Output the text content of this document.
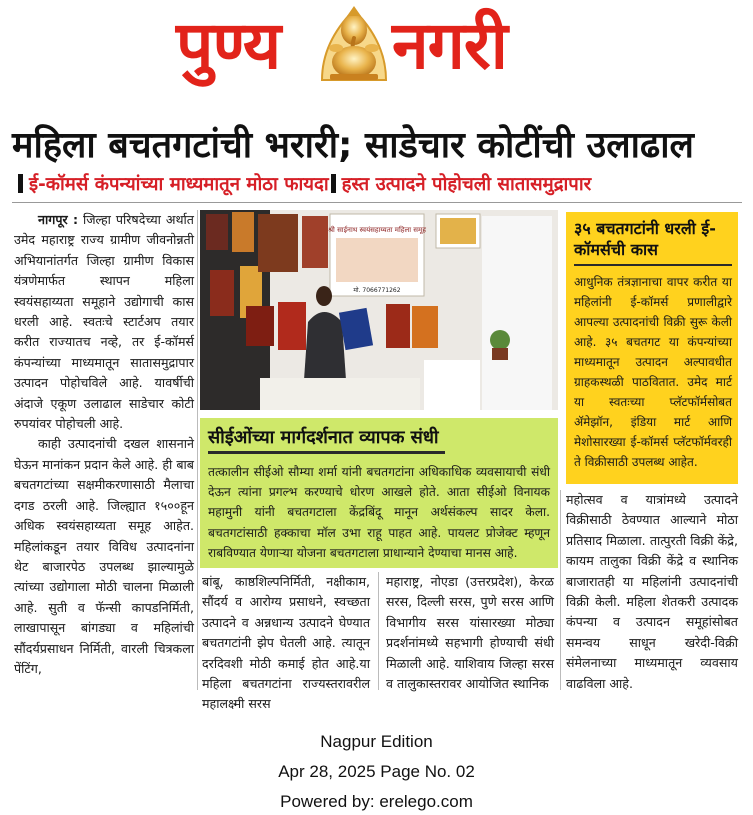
पुण्य नगरी
महिला बचतगटांची भरारी; साडेचार कोटींची उलाढाल
ई-कॉमर्स कंपन्यांच्या माध्यमातून मोठा फायदा हस्त उत्पादने पोहोचली सातासमुद्रापार

नागपूर : जिल्हा परिषदेच्या अर्थात उमेद महाराष्ट्र राज्य ग्रामीण जीवनोन्नती अभियानांतर्गत जिल्हा ग्रामीण विकास यंत्रणेमार्फत स्थापन महिला स्वयंसहाय्यता समूहाने उद्योगाची कास धरली आहे. स्वतःचे स्टार्टअप तयार करीत राज्यातच नव्हे, तर ई-कॉमर्स कंपन्यांच्या माध्यमातून सातासमुद्रापार उत्पादन पोहोचविले आहे. यावर्षीची अंदाजे एकूण उलाढाल साडेचार कोटी रुपयांवर पोहोचली आहे.

काही उत्पादनांची दखल शासनाने घेऊन मानांकन प्रदान केले आहे. ही बाब बचतगटांच्या सक्षमीकरणासाठी मैलाचा दगड ठरली आहे. जिल्ह्यात १५००हून अधिक स्वयंसहाय्यता समूह आहेत. महिलांकडून तयार विविध उत्पादनांना थेट बाजारपेठ उपलब्ध झाल्यामुळे त्यांच्या उद्योगाला मोठी चालना मिळाली आहे. सुती व फॅन्सी कापडनिर्मिती, लाखापासून बांगड्या व महिलांची सौंदर्यप्रसाधन निर्मिती, वारली चित्रकला पेंटिंग,

श्री साईनाथ स्वयंसहाय्यता महिला समूह
मो. 7066771262
सीईओंच्या मार्गदर्शनात व्यापक संधी
तत्कालीन सीईओ सौम्या शर्मा यांनी बचतगटांना अधिकाधिक व्यवसायाची संधी देऊन त्यांना प्रगल्भ करण्याचे धोरण आखले होते. आता सीईओ विनायक महामुनी यांनी बचतगटाला केंद्रबिंदू मानून अर्थसंकल्प सादर केला. बचतगटांसाठी हक्काचा मॉल उभा राहू पाहत आहे. पायलट प्रोजेक्ट म्हणून राबविण्यात येणाऱ्या योजना बचतगटाला प्राधान्याने देण्याचा मानस आहे.
३५ बचतगटांनी धरली ई-कॉमर्सची कास
आधुनिक तंत्रज्ञानाचा वापर करीत या महिलांनी ई-कॉमर्स प्रणालीद्वारे आपल्या उत्पादनांची विक्री सुरू केली आहे. ३५ बचतगट या कंपन्यांच्या माध्यमातून उत्पादन अल्पावधीत ग्राहकस्थळी पाठवितात. उमेद मार्ट या स्वतःच्या प्लॅटफॉर्मसोबत ॲमेझॉन, इंडिया मार्ट आणि मेशोसारख्या ई-कॉमर्स प्लॅटफॉर्मवरही ते विक्रीसाठी उपलब्ध आहेत.

बांबू, काष्ठशिल्पनिर्मिती, नक्षीकाम, सौंदर्य व आरोग्य प्रसाधने, स्वच्छता उत्पादने व अन्नधान्य उत्पादने घेण्यात बचतगटांनी झेप घेतली आहे. त्यातून दरदिवशी मोठी कमाई होत आहे.या महिला बचतगटांना राज्यस्तरावरील महालक्ष्मी सरस

महाराष्ट्र, नोएडा (उत्तरप्रदेश), केरळ सरस, दिल्ली सरस, पुणे सरस आणि विभागीय सरस यांसारख्या मोठ्या प्रदर्शनांमध्ये सहभागी होण्याची संधी मिळाली आहे. याशिवाय जिल्हा सरस व तालुकास्तरावर आयोजित स्थानिक

महोत्सव व यात्रांमध्ये उत्पादने विक्रीसाठी ठेवण्यात आल्याने मोठा प्रतिसाद मिळाला. तात्पुरती विक्री केंद्रे, कायम तालुका विक्री केंद्रे व स्थानिक बाजारातही या महिलांनी उत्पादनांची विक्री केली. महिला शेतकरी उत्पादक कंपन्या व उत्पादन समूहांसोबत समन्वय साधून खरेदी-विक्री संमेलनाच्या माध्यमातून व्यवसाय वाढविला आहे.

Nagpur Edition
Apr 28, 2025 Page No. 02
Powered by: erelego.com
